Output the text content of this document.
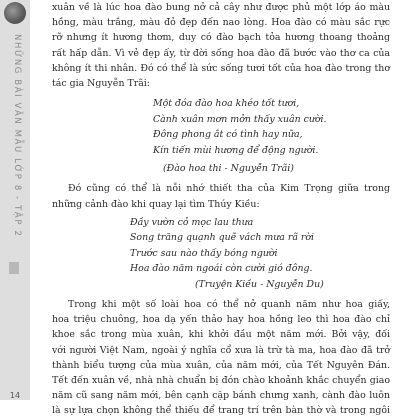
NHỮNG BÀI VĂN MẪU LỚP 8 - TẬP 2
14
xuân về là lúc hoa đào bung nở cả cây như được phủ một lớp áo màu
hồng, màu trắng, màu đỏ đẹp đến nao lòng. Hoa đào có màu sắc rực
rỡ nhưng ít hương thơm, duy có đào bạch tỏa hương thoang thoảng
rất hấp dẫn. Vì vẻ đẹp ấy, từ đời sống hoa đào đã bước vào thơ ca của
không ít thi nhân. Đó có thể là sức sống tươi tốt của hoa đào trong thơ
tác gia Nguyễn Trãi:
Một đóa đào hoa khéo tốt tươi,
Cành xuân mơn mởn thấy xuân cười.
Đông phong ắt có tình hay nữa,
Kín tiến mùi hương để động người.
(Đào hoa thi - Nguyễn Trãi)
Đó cũng có thể là nỗi nhớ thiết tha của Kim Trọng giữa trong
những cảnh đào khi quay lại tìm Thúy Kiều:
Đầy vườn cỏ mọc lau thưa
Song trăng quạnh quẽ vách mưa rã rời
Trước sau nào thấy bóng người
Hoa đào năm ngoái còn cười gió đông.
(Truyện Kiều - Nguyễn Du)
Trong khi một số loài hoa có thể nở quanh năm như hoa giấy,
hoa triệu chuông, hoa dạ yến thảo hay hoa hồng leo thì hoa đào chỉ
khoe sắc trong mùa xuân, khi khởi đầu một năm mới. Bởi vậy, đối
với người Việt Nam, ngoài ý nghĩa cổ xưa là trừ tà ma, hoa đào đã trở
thành biểu tượng của mùa xuân, của năm mới, của Tết Nguyên Đán.
Tết đến xuân về, nhà nhà chuẩn bị đón chào khoảnh khắc chuyển giao
năm cũ sang năm mới, bên cạnh cặp bánh chưng xanh, cành đào luôn
là sự lựa chọn không thể thiếu để trang trí trên bàn thờ và trong ngôi
